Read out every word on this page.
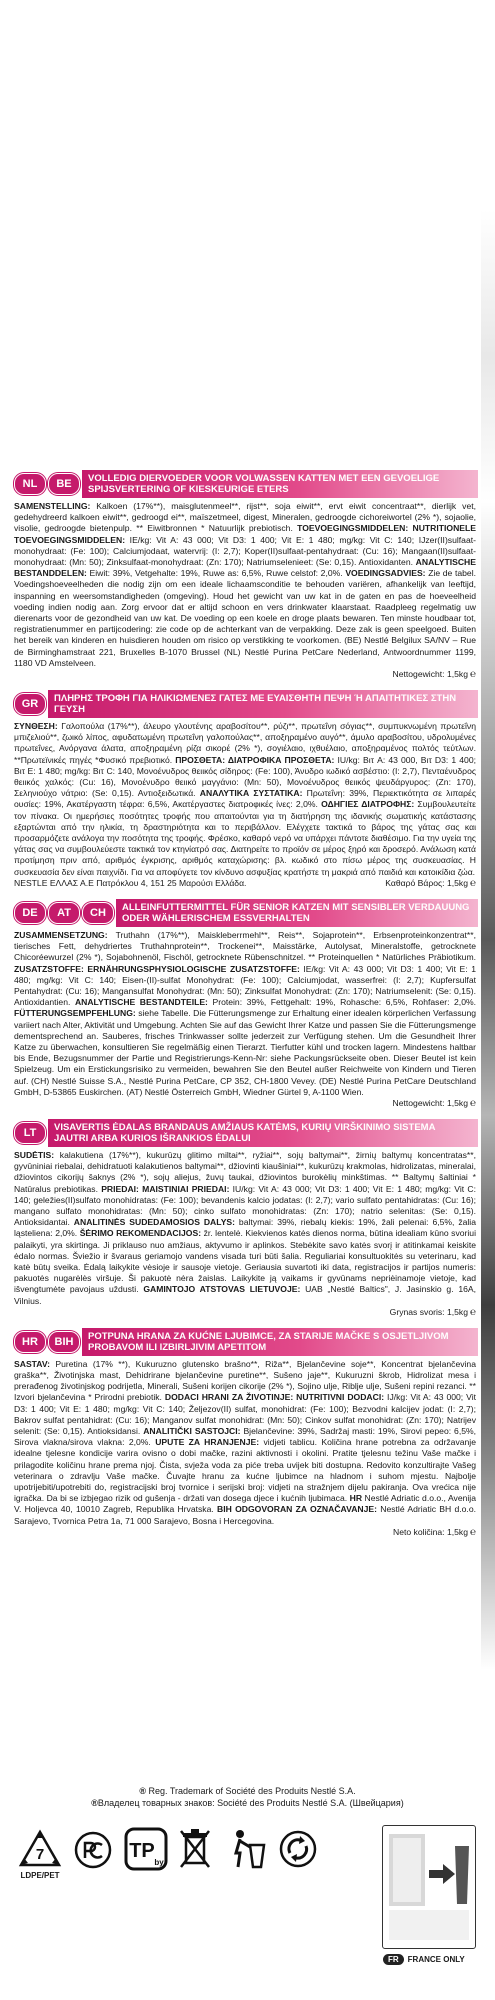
NL	BE	VOLLEDIG DIERVOEDER VOOR VOLWASSEN KATTEN MET EEN GEVOELIGE SPIJSVERTERING OF KIESKEURIGE ETERS
SAMENSTELLING: Kalkoen (17%**), maisglutenmeel**, rijst**, soja eiwit**, ervt eiwit concentraat**, dierlijk vet, gedehydreerd kalkoen eiwit**, gedroogd ei**, maïszetmeel, digest, Mineralen, gedroogde cichoreiwortel (2% *), sojaolie, visolie, gedroogde bietenpulp. ** Eiwitbronnen * Natuurlijk prebiotisch. TOEVOEGINGSMIDDELEN: NUTRITIONELE TOEVOEGINGSMIDDELEN: IE/kg: Vit A: 43 000; Vit D3: 1 400; Vit E: 1 480; mg/kg: Vit C: 140; IJzer(II)sulfaat-monohydraat: (Fe: 100); Calciumjodaat, watervrij: (I: 2,7); Koper(II)sulfaat-pentahydraat: (Cu: 16); Mangaan(II)sulfaat-monohydraat: (Mn: 50); Zinksulfaat-monohydraat: (Zn: 170); Natriumselenieet: (Se: 0,15). Antioxidanten. ANALYTISCHE BESTANDDELEN: Eiwit: 39%, Vetgehalte: 19%, Ruwe as: 6,5%, Ruwe celstof: 2,0%. VOEDINGSADVIES: Zie de tabel. Voedingshoeveelheden die nodig zijn om een ideale lichaamsconditie te behouden variëren, afhankelijk van leeftijd, inspanning en weersomstandigheden (omgeving). Houd het gewicht van uw kat in de gaten en pas de hoeveelheid voeding indien nodig aan. Zorg ervoor dat er altijd schoon en vers drinkwater klaarstaat. Raadpleeg regelmatig uw dierenarts voor de gezondheid van uw kat. De voeding op een koele en droge plaats bewaren. Ten minste houdbaar tot, registratienummer en partijcodering: zie code op de achterkant van de verpakking. Deze zak is geen speelgoed. Buiten het bereik van kinderen en huisdieren houden om risico op verstikking te voorkomen. (BE) Nestlé Belgilux SA/NV – Rue de Birminghamstraat 221, Bruxelles B-1070 Brussel (NL) Nestlé Purina PetCare Nederland, Antwoordnummer 1199, 1180 VD Amstelveen.
Nettogewicht: 1,5kg ℮
GR	ΠΛΗΡΗΣ ΤΡΟΦΗ ΓΙΑ ΗΛΙΚΙΩΜΕΝΕΣ ΓΑΤΕΣ ΜΕ ΕΥΑΙΣΘΗΤΗ ΠΕΨΗ Ή ΑΠΑΙΤΗΤΙΚΕΣ ΣΤΗΝ ΓΕΥΣΗ
ΣΥΝΘΕΣΗ: Γαλοπούλα (17%**), άλευρο γλουτένης αραβοσίτου**, ρύζι**, πρωτεΐνη σόγιας**, συμπυκνωμένη πρωτεΐνη μπιζελιού**, ζωικό λίπος, αφυδατωμένη πρωτεΐνη γαλοπούλας**, αποξηραμένο αυγό**, άμυλο αραβοσίτου, υδρολυμένες πρωτεΐνες, Ανόργανα άλατα, αποξηραμένη ρίζα σικορέ (2% *), σογιέλαιο, ιχθυέλαιο, αποξηραμένος πολτός τεύτλων. **Πρωτεϊνικές πηγές *Φυσικό πρεβιοτικό. ΠΡΟΣΘΕΤΑ: ΔΙΑΤΡΟΦΙΚΑ ΠΡΟΣΘΕΤΑ: IU/kg: Βιτ A: 43 000, Βιτ D3: 1 400; Βιτ E: 1 480; mg/kg: Βιτ C: 140, Μονοένυδρος θειικός σίδηρος: (Fe: 100), Άνυδρο ιωδικό ασβέστιο: (I: 2,7), Πενταένυδρος θειικός χαλκός: (Cu: 16), Μονοένυδρο θειικό μαγγάνιο: (Mn: 50), Μονοένυδρος θειικός ψευδάργυρος: (Zn: 170), Σεληνιούχο νάτριο: (Se: 0,15). Αντιοξειδωτικά. ΑΝΑΛΥΤΙΚΑ ΣΥΣΤΑΤΙΚΑ: Πρωτεΐνη: 39%, Περιεκτικότητα σε λιπαρές ουσίες: 19%, Ακατέργαστη τέφρα: 6,5%, Ακατέργαστες διατροφικές ίνες: 2,0%. ΟΔΗΓΙΕΣ ΔΙΑΤΡΟΦΗΣ: Συμβουλευτείτε τον πίνακα. Οι ημερήσιες ποσότητες τροφής που απαιτούνται για τη διατήρηση της ιδανικής σωματικής κατάστασης εξαρτώνται από την ηλικία, τη δραστηριότητα και το περιβάλλον. Ελέγχετε τακτικά το βάρος της γάτας σας και προσαρμόζετε ανάλογα την ποσότητα της τροφής. Φρέσκο, καθαρό νερό να υπάρχει πάντοτε διαθέσιμο. Για την υγεία της γάτας σας να συμβουλεύεστε τακτικά τον κτηνίατρό σας. Διατηρείτε το προϊόν σε μέρος ξηρό και δροσερό. Ανάλωση κατά προτίμηση πριν από, αριθμός έγκρισης, αριθμός καταχώρισης: βλ. κωδικό στο πίσω μέρος της συσκευασίας. Η συσκευασία δεν είναι παιχνίδι. Για να αποφύγετε τον κίνδυνο ασφυξίας κρατήστε τη μακριά από παιδιά και κατοικίδια ζώα.
NESTLE ΕΛΛΑΣ Α.Ε Πατρόκλου 4, 151 25 Μαρούσι Ελλάδα.	Καθαρό Βάρος: 1,5kg ℮
DE	AT	CH	ALLEINFUTTERMITTEL FÜR SENIOR KATZEN MIT SENSIBLER VERDAUUNG ODER WÄHLERISCHEM ESSVERHALTEN
ZUSAMMENSETZUNG: Truthahn (17%**), Maiskleberrmehl**, Reis**, Sojaprotein**, Erbsenproteinkonzentrat**, tierisches Fett, dehydriertes Truthahnprotein**, Trockenei**, Maisstärke, Autolysat, Mineralstoffe, getrocknete Chicoréewurzel (2% *), Sojabohnenöl, Fischöl, getrocknete Rübenschnitzel. ** Proteinquellen * Natürliches Präbiotikum. ZUSATZSTOFFE: ERNÄHRUNGSPHYSIOLOGISCHE ZUSATZSTOFFE: IE/kg: Vit A: 43 000; Vit D3: 1 400; Vit E: 1 480; mg/kg: Vit C: 140; Eisen-(II)-sulfat Monohydrat: (Fe: 100); Calciumjodat, wasserfrei: (I: 2,7); Kupfersulfat Pentahydrat: (Cu: 16); Mangansulfat Monohydrat: (Mn: 50); Zinksulfat Monohydrat: (Zn: 170); Natriumselenit: (Se: 0,15). Antioxidantien. ANALYTISCHE BESTANDTEILE: Protein: 39%, Fettgehalt: 19%, Rohasche: 6,5%, Rohfaser: 2,0%. FÜTTERUNGSEMPFEHLUNG: siehe Tabelle. Die Fütterungsmenge zur Erhaltung einer idealen körperlichen Verfassung variiert nach Alter, Aktivität und Umgebung. Achten Sie auf das Gewicht Ihrer Katze und passen Sie die Fütterungsmenge dementsprechend an. Sauberes, frisches Trinkwasser sollte jederzeit zur Verfügung stehen. Um die Gesundheit Ihrer Katze zu überwachen, konsultieren Sie regelmäßig einen Tierarzt. Tierfutter kühl und trocken lagern. Mindestens haltbar bis Ende, Bezugsnummer der Partie und Registrierungs-Kenn-Nr: siehe Packungsrückseite oben. Dieser Beutel ist kein Spielzeug. Um ein Erstickungsrisiko zu vermeiden, bewahren Sie den Beutel außer Reichweite von Kindern und Tieren auf. (CH) Nestlé Suisse S.A., Nestlé Purina PetCare, CP 352, CH-1800 Vevey. (DE) Nestlé Purina PetCare Deutschland GmbH, D-53865 Euskirchen. (AT) Nestlé Österreich GmbH, Wiedner Gürtel 9, A-1100 Wien.
Nettogewicht: 1,5kg ℮
LT	VISAVERTIS ĖDALAS BRANDAUS AMŽIAUS KATĖMS, KURIŲ VIRŠKINIMO SISTEMA JAUTRI ARBA KURIOS IŠRANKIOS ĖDALUI
SUDĖTIS: kalakutiena (17%**), kukurūzų glitimo miltai**, ryžiai**, sojų baltymai**, žirnių baltymų koncentratas**, gyvūniniai riebalai, dehidratuoti kalakutienos baltymai**, džiovinti kiaušiniai**, kukurūzų krakmolas, hidrolizatas, mineralai, džiovintos cikorijų šaknys (2% *), sojų aliejus, žuvų taukai, džiovintos burokėlių minkštimas. ** Baltymų šaltiniai * Natūralus prebiotikas. PRIEDAI: MAISTINIAI PRIEDAI: IU/kg: Vit A: 43 000; Vit D3: 1 400; Vit E: 1 480; mg/kg: Vit C: 140; geležies(II)sulfato monohidratas: (Fe: 100); bevandenis kalcio jodatas: (I: 2,7); vario sulfato pentahidratas: (Cu: 16); mangano sulfato monohidratas: (Mn: 50); cinko sulfato monohidratas: (Zn: 170); natrio selenitas: (Se: 0,15). Antioksidantai. ANALITINĖS SUDEDAMOSIOS DALYS: baltymai: 39%, riebalų kiekis: 19%, žali pelenai: 6,5%, žalia ląsteliena: 2,0%. ŠĖRIMO REKOMENDACIJOS: žr. lentelė. Kiekvienos katės dienos norma, būtina idealiam kūno svoriui palaikyti, yra skirtinga. Ji priklauso nuo amžiaus, aktyvumo ir aplinkos. Stebėkite savo katės svorį ir atitinkamai keiskite ėdalo normas. Šviežio ir švaraus geriamojo vandens visada turi būti šalia. Reguliariai konsultuokitės su veterinaru, kad katė būtų sveika. Ėdalą laikykite vėsioje ir sausoje vietoje. Geriausia suvartoti iki data, registracijos ir partijos numeris: pakuotės nugarėlės viršuje. Ši pakuotė nėra žaislas. Laikykite ją vaikams ir gyvūnams nepriėinamoje vietoje, kad išvengtumėte pavojaus uždusti. GAMINTOJO ATSTOVAS LIETUVOJE: UAB „Nestlé Baltics", J. Jasinskio g. 16A, Vilnius.
Grynas svoris: 1,5kg ℮
HR	BIH	POTPUNA HRANA ZA KUĆNE LJUBIMCE, ZA STARIJE MAČKE S OSJETLJIVOM PROBAVOM ILI IZBIRLJIVIM APETITOM
SASTAV: Puretina (17% **), Kukuruzno glutensko brašno**, Riža**, Bjelančevine soje**, Koncentrat bjelančevina graška**, Životinjska mast, Dehidrirane bjelančevine puretine**, Sušeno jaje**, Kukuruzni škrob, Hidrolizat mesa i prerađenog životinjskog podrijetla, Minerali, Sušeni korijen cikorije (2% *), Sojino ulje, Riblje ulje, Sušeni repini rezanci. ** Izvori bjelančevina * Prirodni prebiotik. DODACI HRANI ZA ŽIVOTINJE: NUTRITIVNI DODACI: IJ/kg: Vit A: 43 000; Vit D3: 1 400; Vit E: 1 480; mg/kg: Vit C: 140; Željezov(II) sulfat, monohidrat: (Fe: 100); Bezvodni kalcijev jodat: (I: 2,7); Bakrov sulfat pentahidrat: (Cu: 16); Manganov sulfat monohidrat: (Mn: 50); Cinkov sulfat monohidrat: (Zn: 170); Natrijev selenit: (Se: 0,15). Antioksidansi. ANALITIČKI SASTOJCI: Bjelančevine: 39%, Sadržaj masti: 19%, Sirovi pepeo: 6,5%, Sirova vlakna/sirova vlakna: 2,0%. UPUTE ZA HRANJENJE: vidjeti tablicu. Količina hrane potrebna za održavanje idealne tjelesne kondicije varira ovisno o dobi mačke, razini aktivnosti i okolini. Pratite tjelesnu težinu Vaše mačke i prilagodite količinu hrane prema njoj. Čista, svježa voda za piće treba uvijek biti dostupna. Redovito konzultirajte Vašeg veterinara o zdravlju Vaše mačke. Čuvajte hranu za kućne ljubimce na hladnom i suhom mjestu. Najbolje upotrijebiti/upotrebiti do, registracijski broj tvornice i serijski broj: vidjeti na stražnjem dijelu pakiranja. Ova vrećica nije igračka. Da bi se izbjegao rizik od gušenja - držati van dosega djece i kućnih ljubimaca. HR Nestlé Adriatic d.o.o., Avenija V. Holjevca 40, 10010 Zagreb, Republika Hrvatska. BIH ODGOVORAN ZA OZNAČAVANJE: Nestlé Adriatic BH d.o.o. Sarajevo, Tvornica Petra 1a, 71 000 Sarajevo, Bosna i Hercegovina.
Neto količina: 1,5kg ℮
® Reg. Trademark of Société des Produits Nestlé S.A.
®Владелец товарных знаков: Société des Produits Nestlé S.A. (Швейцария)
7
LDPE/PET
TP
by
FR	FRANCE ONLY
